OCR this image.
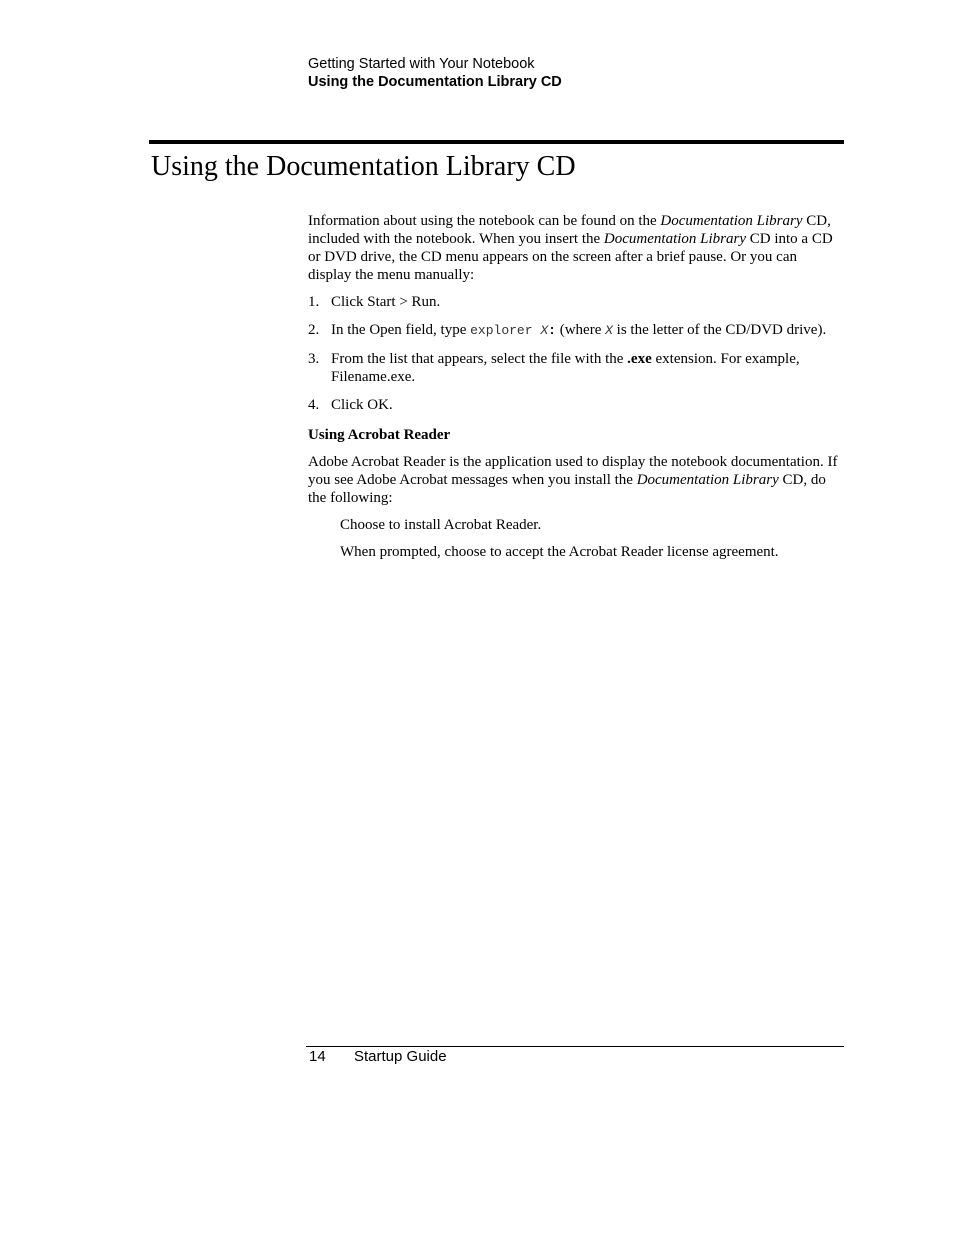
Getting Started with Your Notebook
Using the Documentation Library CD
Using the Documentation Library CD

Information about using the notebook can be found on the Documentation Library CD, included with the notebook. When you insert the Documentation Library CD into a CD or DVD drive, the CD menu appears on the screen after a brief pause. Or you can display the menu manually:

1. Click Start > Run.
2. In the Open field, type explorer X: (where X is the letter of the CD/DVD drive).
3. From the list that appears, select the file with the .exe extension. For example, Filename.exe.
4. Click OK.

Using Acrobat Reader

Adobe Acrobat Reader is the application used to display the notebook documentation. If you see Adobe Acrobat messages when you install the Documentation Library CD, do the following:

Choose to install Acrobat Reader.

When prompted, choose to accept the Acrobat Reader license agreement.

14 Startup Guide
